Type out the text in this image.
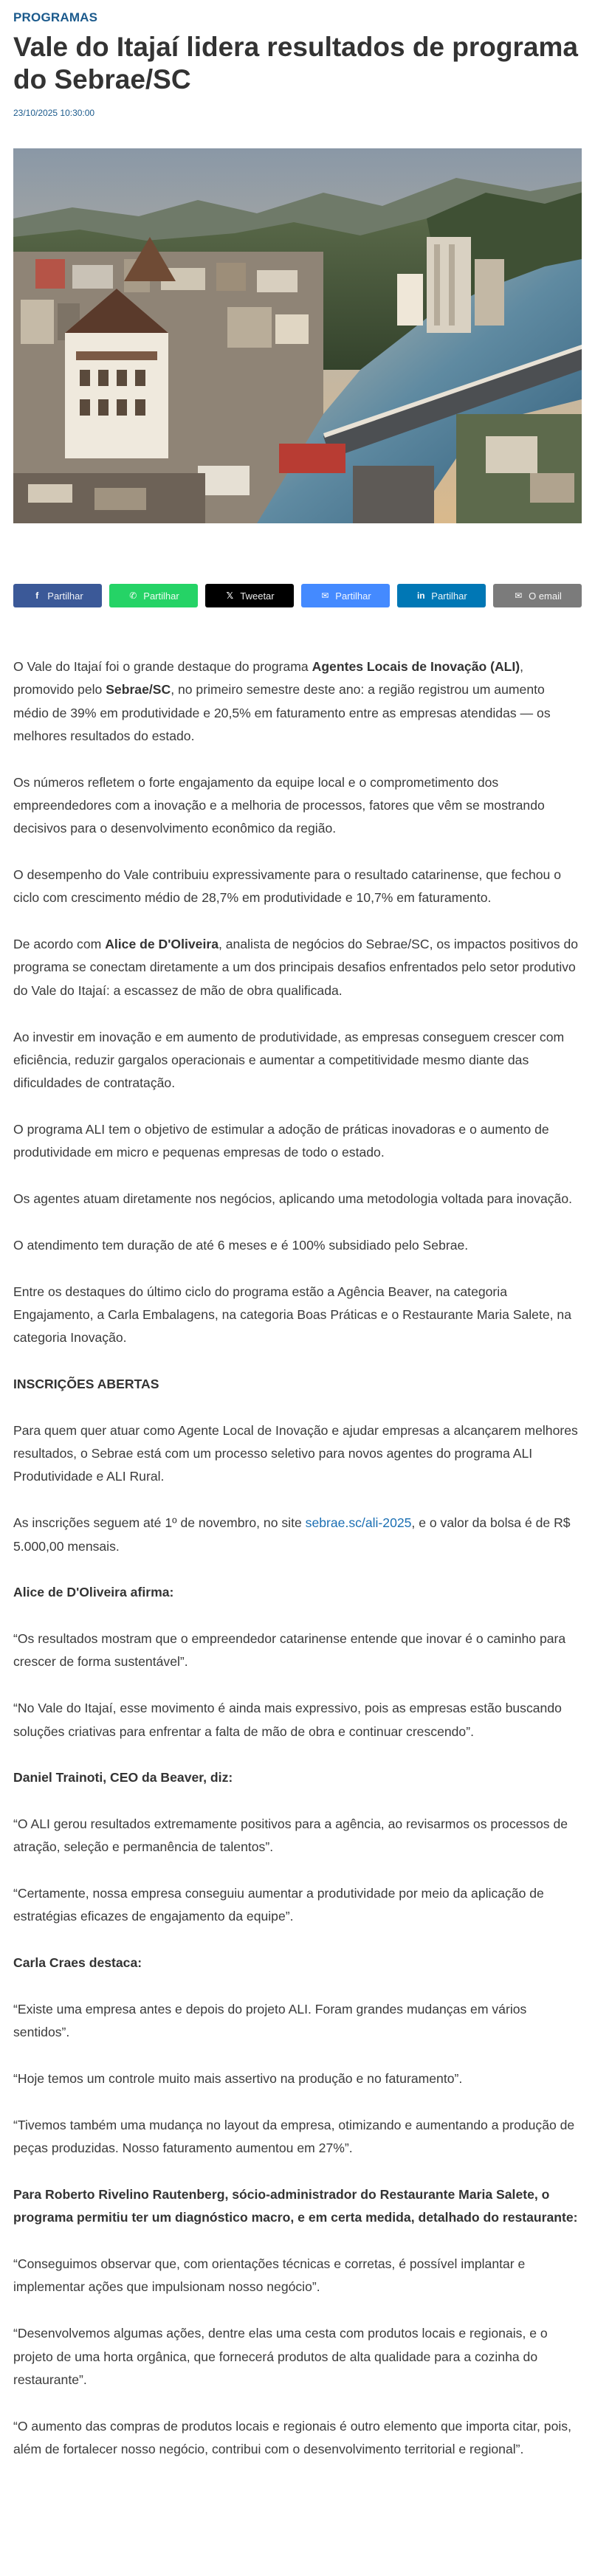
PROGRAMAS
Vale do Itajaí lidera resultados de programa do Sebrae/SC
23/10/2025 10:30:00
f Partilhar	✆ Partilhar	𝕏 Tweetar	✉ Partilhar	in Partilhar	✉ O email

O Vale do Itajaí foi o grande destaque do programa Agentes Locais de Inovação (ALI), promovido pelo Sebrae/SC, no primeiro semestre deste ano: a região registrou um aumento médio de 39% em produtividade e 20,5% em faturamento entre as empresas atendidas — os melhores resultados do estado.

Os números refletem o forte engajamento da equipe local e o comprometimento dos empreendedores com a inovação e a melhoria de processos, fatores que vêm se mostrando decisivos para o desenvolvimento econômico da região.

O desempenho do Vale contribuiu expressivamente para o resultado catarinense, que fechou o ciclo com crescimento médio de 28,7% em produtividade e 10,7% em faturamento.

De acordo com Alice de D'Oliveira, analista de negócios do Sebrae/SC, os impactos positivos do programa se conectam diretamente a um dos principais desafios enfrentados pelo setor produtivo do Vale do Itajaí: a escassez de mão de obra qualificada.

Ao investir em inovação e em aumento de produtividade, as empresas conseguem crescer com eficiência, reduzir gargalos operacionais e aumentar a competitividade mesmo diante das dificuldades de contratação.

O programa ALI tem o objetivo de estimular a adoção de práticas inovadoras e o aumento de produtividade em micro e pequenas empresas de todo o estado.

Os agentes atuam diretamente nos negócios, aplicando uma metodologia voltada para inovação.

O atendimento tem duração de até 6 meses e é 100% subsidiado pelo Sebrae.

Entre os destaques do último ciclo do programa estão a Agência Beaver, na categoria Engajamento, a Carla Embalagens, na categoria Boas Práticas e o Restaurante Maria Salete, na categoria Inovação.

INSCRIÇÕES ABERTAS

Para quem quer atuar como Agente Local de Inovação e ajudar empresas a alcançarem melhores resultados, o Sebrae está com um processo seletivo para novos agentes do programa ALI Produtividade e ALI Rural.

As inscrições seguem até 1º de novembro, no site sebrae.sc/ali-2025, e o valor da bolsa é de R$ 5.000,00 mensais.

Alice de D'Oliveira afirma:

“Os resultados mostram que o empreendedor catarinense entende que inovar é o caminho para crescer de forma sustentável”.

“No Vale do Itajaí, esse movimento é ainda mais expressivo, pois as empresas estão buscando soluções criativas para enfrentar a falta de mão de obra e continuar crescendo”.

Daniel Trainoti, CEO da Beaver, diz:

“O ALI gerou resultados extremamente positivos para a agência, ao revisarmos os processos de atração, seleção e permanência de talentos”.

“Certamente, nossa empresa conseguiu aumentar a produtividade por meio da aplicação de estratégias eficazes de engajamento da equipe”.

Carla Craes destaca:

“Existe uma empresa antes e depois do projeto ALI. Foram grandes mudanças em vários sentidos”.

“Hoje temos um controle muito mais assertivo na produção e no faturamento”.

“Tivemos também uma mudança no layout da empresa, otimizando e aumentando a produção de peças produzidas. Nosso faturamento aumentou em 27%”.

Para Roberto Rivelino Rautenberg, sócio-administrador do Restaurante Maria Salete, o programa permitiu ter um diagnóstico macro, e em certa medida, detalhado do restaurante:

“Conseguimos observar que, com orientações técnicas e corretas, é possível implantar e implementar ações que impulsionam nosso negócio”.

“Desenvolvemos algumas ações, dentre elas uma cesta com produtos locais e regionais, e o projeto de uma horta orgânica, que fornecerá produtos de alta qualidade para a cozinha do restaurante”.

“O aumento das compras de produtos locais e regionais é outro elemento que importa citar, pois, além de fortalecer nosso negócio, contribui com o desenvolvimento territorial e regional”.
